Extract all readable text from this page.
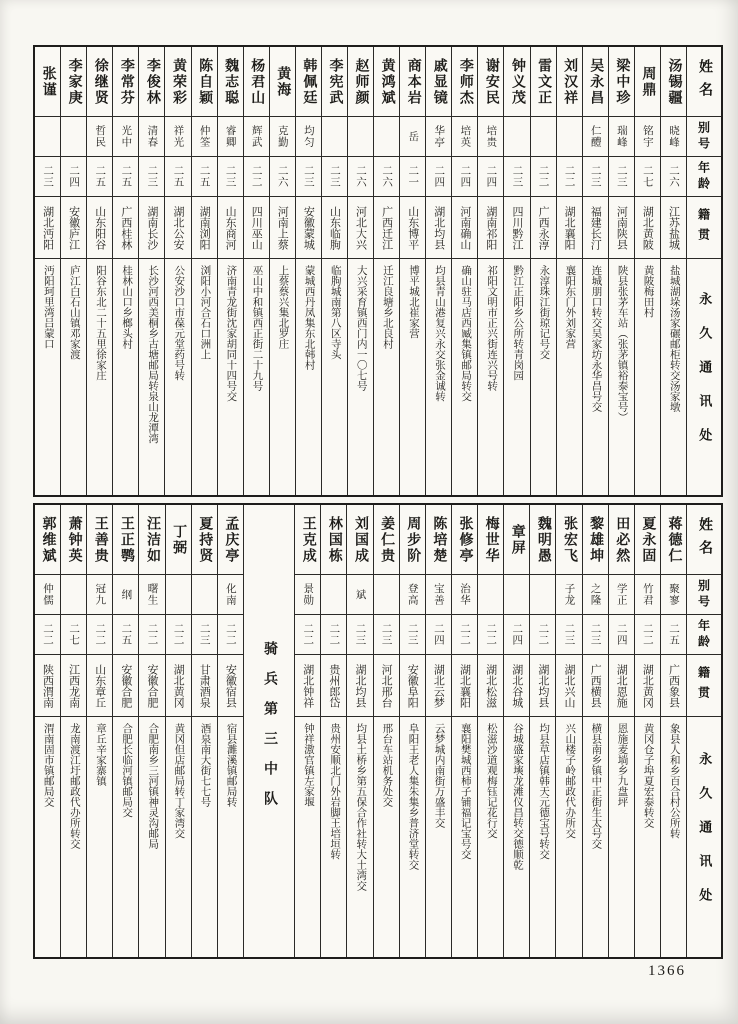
姓名
别号
年龄
籍贯
永久通讯处
汤锡疆
晓峰
二六
江苏盐城
盐城湖垛汤家碾邮柜转交汤家墩
周鼎
铭宇
二七
湖北黄陂
黄陂梅田村
梁中珍
瑞峰
二三
河南陕县
陕县张茅车站（张茅镇裕泰宝号）
吴永昌
仁醴
二三
福建长汀
连城朋口转交吴家坊永华昌号交
刘汉祥
二二
湖北襄阳
襄阳东门外刘家营
雷文正
二二
广西永淳
永淳珠江街琼记号交
钟义茂
二三
四川黔江
黔江正阳乡公所转青岗园
谢安民
培贵
二四
湖南祁阳
祁阳文明市正兴街连兴号转
李师杰
培英
二四
河南确山
确山驻马店西臧集镇邮局转交
戚显镜
华亭
二四
湖北均县
均县青山港复兴永交张金诚转
商本岩
岳
二一
山东博平
博平城北崔家营
黄鸿斌
二六
广西迁江
迁江良塘乡北良村
赵师颜
二六
河北大兴
大兴采育镇西门内一〇七号
李宪武
二三
山东临朐
临朐城南第八区寺头
韩佩廷
均匀
二三
安徽蒙城
蒙城西丹凤集东北韩村
黄海
克勤
二六
河南上蔡
上蔡蔡兴集北罗庄
杨君山
辉武
二二
四川巫山
巫山中和镇西正街二十九号
魏志聪
睿卿
二三
山东商河
济南青龙街沈家胡同十四号交
陈自颖
仲筌
二五
湖南浏阳
浏阳小河合石口洲上
黄荣彩
祥光
二五
湖北公安
公安沙口市葆元堂药号转
李俊林
清春
二三
湖南长沙
长沙河西美桐乡古塘邮局转泉山龙潭湾
李常芬
光中
二五
广西桂林
桂林山口乡榔头村
徐继贤
哲民
二五
山东阳谷
阳谷东北二十五里徐家庄
李家庚
二四
安徽庐江
庐江白石山镇邓家渡
张谨
二三
湖北沔阳
沔阳珂里湾吕蒙口
姓名
别号
年龄
籍贯
永久通讯处
蒋德仁
聚寥
二五
广西象县
象县人和乡百合村公所转
夏永固
竹君
二二
湖北黄冈
黄冈仓子埠夏宏泰转交
田必然
学正
二四
湖北恩施
恩施麦埫乡九盘坪
黎雄坤
之隆
二三
广西横县
横县南乡镇中正街生太号交
张宏飞
子龙
二三
湖北兴山
兴山楼子岭邮政代办所交
魏明愚
二二
湖北均县
均县草店镇韩天元德宝号转交
章屏
二四
湖北谷城
谷城盛家塽龙滩仪昌转交德顺乾
梅世华
二二
湖北松滋
松滋沙道观梅钰记花行交
张修亭
治华
二二
湖北襄阳
襄阳樊城西柿子铺福记宝号交
陈培楚
宝善
二四
湖北云梦
云梦城内南街万盛丰交
周步阶
登高
二三
安徽阜阳
阜阳王老人集朱集乡普济堂转交
姜仁贵
二三
河北邢台
邢台车站机务处交
刘国成
斌
二三
湖北均县
均县土桥乡第五保合作社转大土湾交
林国栋
二二
贵州郎岱
贵州安顺北门外岩脚王培垣转
王克成
景勋
二二
湖北钟祥
钟祥滶官镇左家堰
骑兵第三中队
孟庆亭
化南
二二
安徽宿县
宿县濉溪镇邮局转
夏持贤
二三
甘肃酒泉
酒泉南大街七七号
丁弼
二二
湖北黄冈
黄冈但店邮局转丁家湾交
汪洁如
曙生
二二
安徽合肥
合肥南乡三河镇神灵沟邮局
王正鹗
纲
二五
安徽合肥
合肥长临河镇邮局交
王善贵
冠九
二二
山东章丘
章丘辛家寨镇
萧钟英
二七
江西龙南
龙南渡江圩邮政代办所转交
郭维斌
仲儒
二二
陕西渭南
渭南固市镇邮局交
1366
